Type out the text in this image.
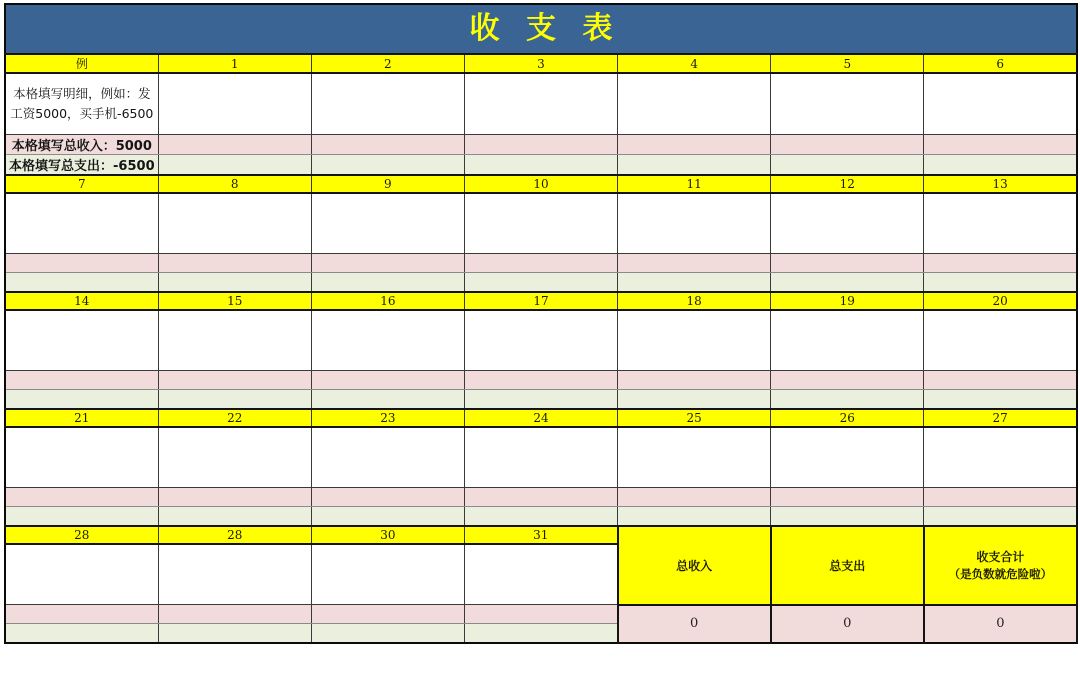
收 支 表
例	1	2	3	4	5	6
本格填写明细，例如：发工资5000，买手机-6500						
本格填写总收入：5000						
本格填写总支出：-6500						
7	8	9	10	11	12	13

14	15	16	17	18	19	20

21	22	23	24	25	26	27

28	28	30	31	总收入	总支出	收支合计
（是负数就危险啦）

				0	0	0
